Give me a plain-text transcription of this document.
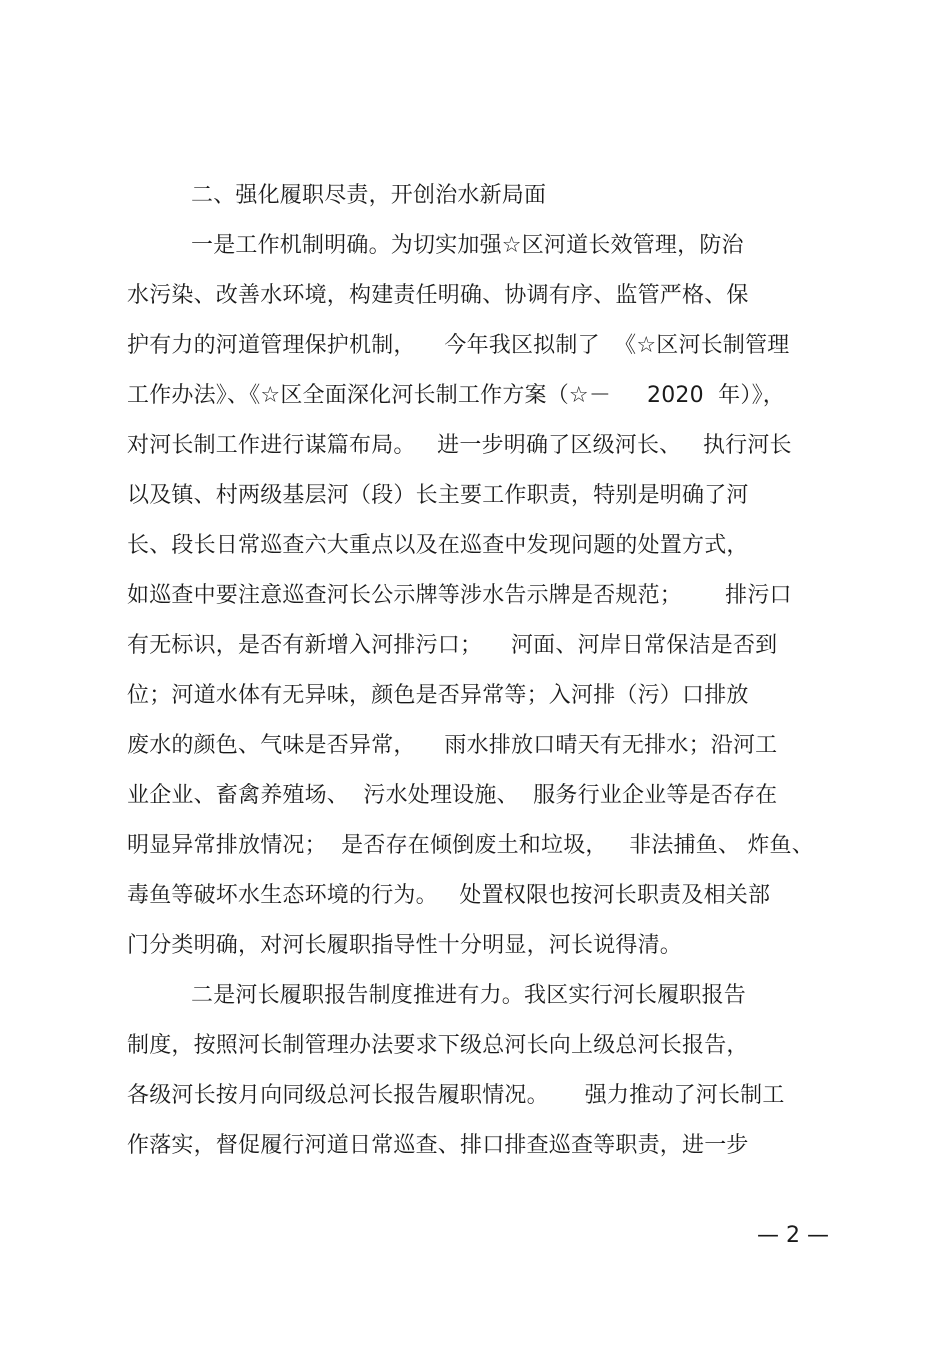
二、强化履职尽责，开创治水新局面
一是工作机制明确。为切实加强☆区河道长效管理，防治
水污染、改善水环境，构建责任明确、协调有序、监管严格、保
护有力的河道管理保护机制，    今年我区拟制了  《☆区河长制管理
工作办法》、《☆区全面深化河长制工作方案（☆－     2020  年）》，
对河长制工作进行谋篇布局。   进一步明确了区级河长、   执行河长
以及镇、村两级基层河（段）长主要工作职责，特别是明确了河
长、段长日常巡查六大重点以及在巡查中发现问题的处置方式，
如巡查中要注意巡查河长公示牌等涉水告示牌是否规范；      排污口
有无标识，是否有新增入河排污口；    河面、河岸日常保洁是否到
位；河道水体有无异味，颜色是否异常等；入河排（污）口排放
废水的颜色、气味是否异常，    雨水排放口晴天有无排水；沿河工
业企业、畜禽养殖场、  污水处理设施、  服务行业企业等是否存在
明显异常排放情况；  是否存在倾倒废土和垃圾，   非法捕鱼、 炸鱼、
毒鱼等破坏水生态环境的行为。   处置权限也按河长职责及相关部
门分类明确，对河长履职指导性十分明显，河长说得清。
二是河长履职报告制度推进有力。我区实行河长履职报告
制度，按照河长制管理办法要求下级总河长向上级总河长报告，
各级河长按月向同级总河长报告履职情况。     强力推动了河长制工
作落实，督促履行河道日常巡查、排口排查巡查等职责，进一步
— 2 —
